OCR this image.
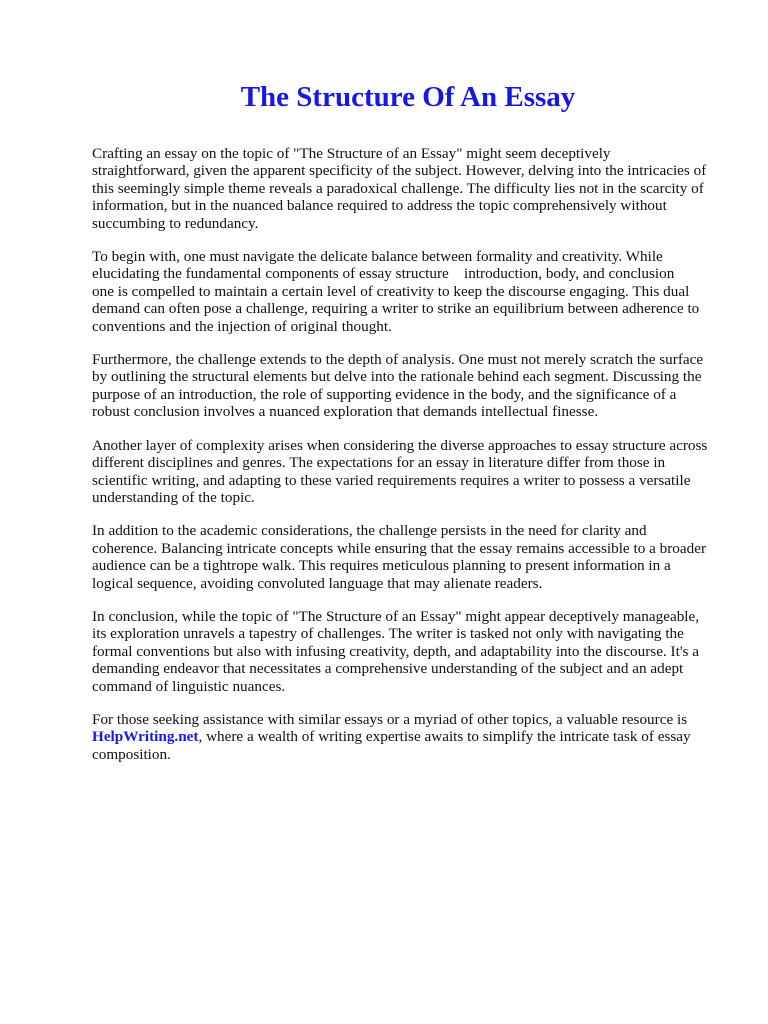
The Structure Of An Essay

Crafting an essay on the topic of "The Structure of an Essay" might seem deceptively
straightforward, given the apparent specificity of the subject. However, delving into the intricacies of
this seemingly simple theme reveals a paradoxical challenge. The difficulty lies not in the scarcity of
information, but in the nuanced balance required to address the topic comprehensively without
succumbing to redundancy.

To begin with, one must navigate the delicate balance between formality and creativity. While
elucidating the fundamental components of essay structure introduction, body, and conclusion
one is compelled to maintain a certain level of creativity to keep the discourse engaging. This dual
demand can often pose a challenge, requiring a writer to strike an equilibrium between adherence to
conventions and the injection of original thought.

Furthermore, the challenge extends to the depth of analysis. One must not merely scratch the surface
by outlining the structural elements but delve into the rationale behind each segment. Discussing the
purpose of an introduction, the role of supporting evidence in the body, and the significance of a
robust conclusion involves a nuanced exploration that demands intellectual finesse.

Another layer of complexity arises when considering the diverse approaches to essay structure across
different disciplines and genres. The expectations for an essay in literature differ from those in
scientific writing, and adapting to these varied requirements requires a writer to possess a versatile
understanding of the topic.

In addition to the academic considerations, the challenge persists in the need for clarity and
coherence. Balancing intricate concepts while ensuring that the essay remains accessible to a broader
audience can be a tightrope walk. This requires meticulous planning to present information in a
logical sequence, avoiding convoluted language that may alienate readers.

In conclusion, while the topic of "The Structure of an Essay" might appear deceptively manageable,
its exploration unravels a tapestry of challenges. The writer is tasked not only with navigating the
formal conventions but also with infusing creativity, depth, and adaptability into the discourse. It's a
demanding endeavor that necessitates a comprehensive understanding of the subject and an adept
command of linguistic nuances.

For those seeking assistance with similar essays or a myriad of other topics, a valuable resource is
HelpWriting.net, where a wealth of writing expertise awaits to simplify the intricate task of essay
composition.
